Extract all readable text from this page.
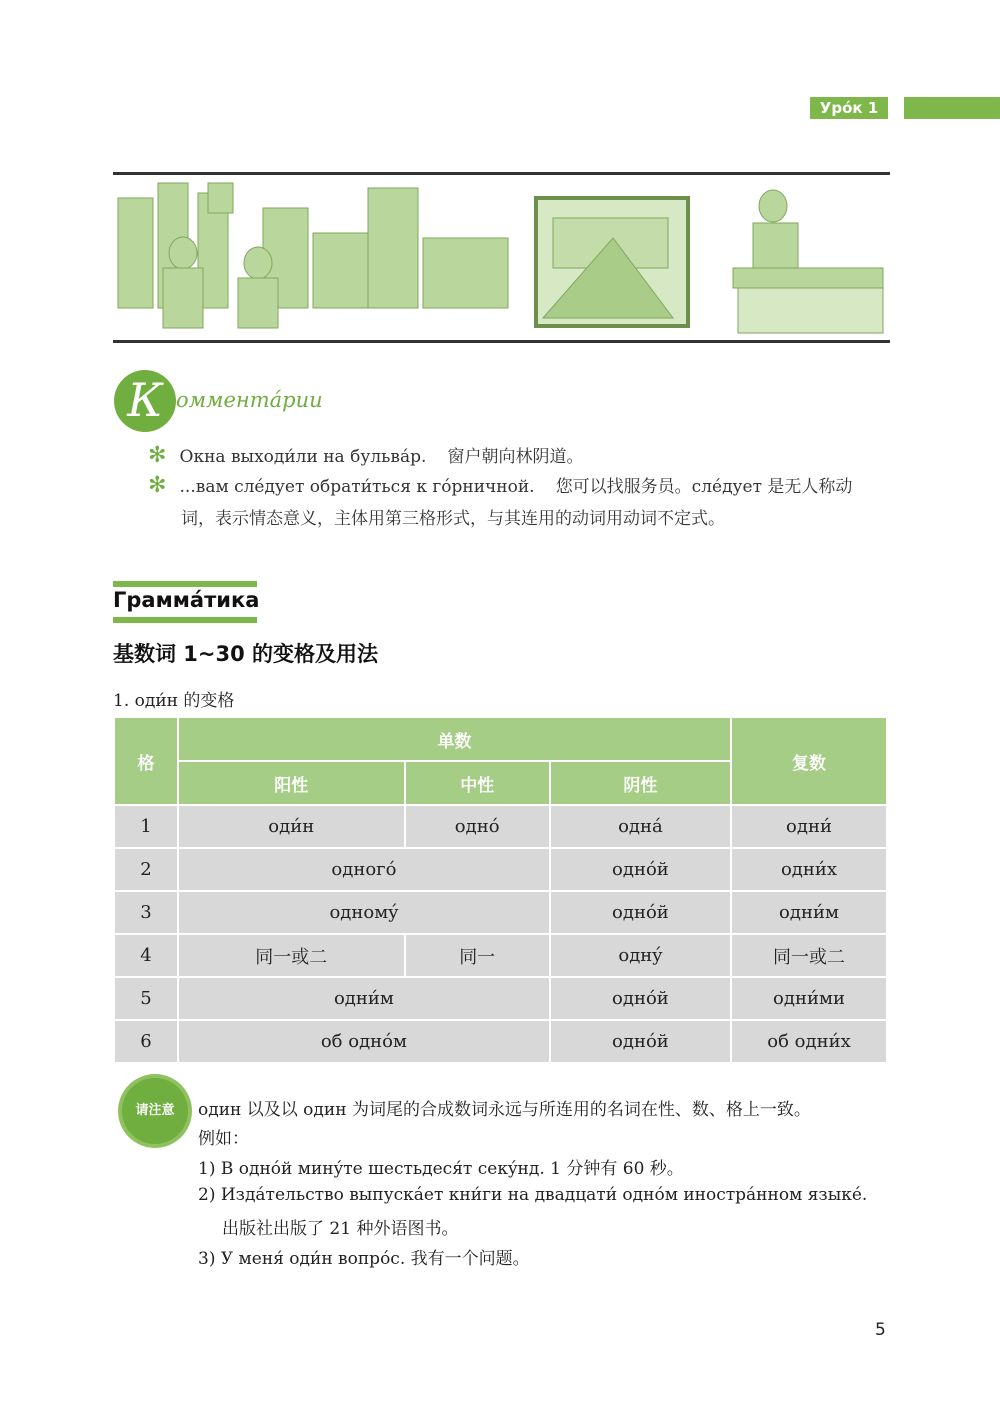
Уро́к 1
К омментáрии
✻ Окна выходи́ли на бульва́р. 窗户朝向林阴道。
✻ ...вам слéдует обрати́ться к гóрничной. 您可以找服务员。слéдует 是无人称动
词，表示情态意义，主体用第三格形式，与其连用的动词用动词不定式。
Граммáтика
基数词 1~30 的变格及用法
1. оди́н 的变格
格	单数			复数
	阳性	中性	阴性	
1	оди́н	однó	однá	одни́
2	одногó		однóй	одни́х
3	одномý		однóй	одни́м
4	同一或二	同一	однý	同一或二
5	одни́м		однóй	одни́ми
6	об однóм		однóй	об одни́х
请注意	один 以及以 один 为词尾的合成数词永远与所连用的名词在性、数、格上一致。
例如：
1) В однóй минýте шестьдеся́т секýнд. 1 分钟有 60 秒。
2) Издáтельство выпускáет кни́ги на двадцати́ однóм инострáнном языкé.
出版社出版了 21 种外语图书。
3) У меня́ оди́н вопрóс. 我有一个问题。
5
